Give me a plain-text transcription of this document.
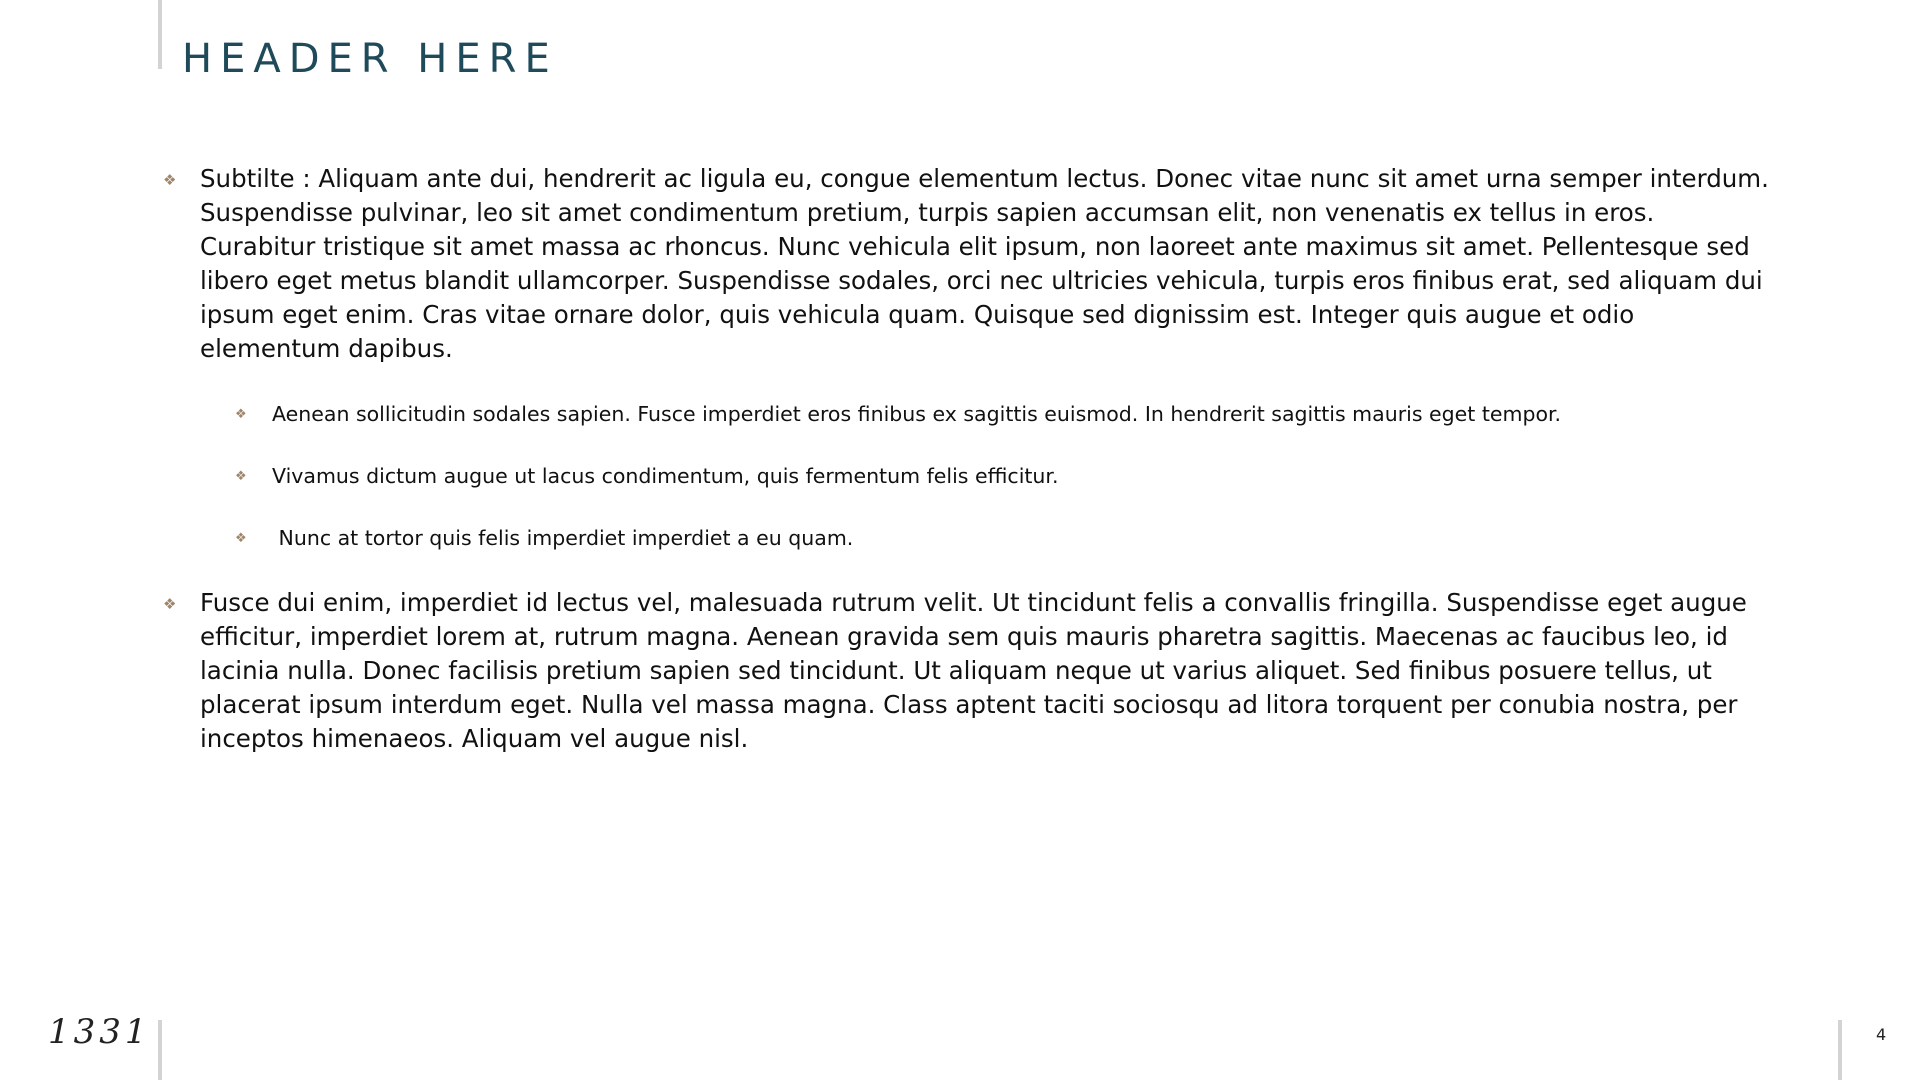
HEADER HERE
❖ Subtilte : Aliquam ante dui, hendrerit ac ligula eu, congue elementum lectus. Donec vitae nunc sit amet urna semper interdum. Suspendisse pulvinar, leo sit amet condimentum pretium, turpis sapien accumsan elit, non venenatis ex tellus in eros. Curabitur tristique sit amet massa ac rhoncus. Nunc vehicula elit ipsum, non laoreet ante maximus sit amet. Pellentesque sed libero eget metus blandit ullamcorper. Suspendisse sodales, orci nec ultricies vehicula, turpis eros finibus erat, sed aliquam dui ipsum eget enim. Cras vitae ornare dolor, quis vehicula quam. Quisque sed dignissim est. Integer quis augue et odio elementum dapibus.
❖ Aenean sollicitudin sodales sapien. Fusce imperdiet eros finibus ex sagittis euismod. In hendrerit sagittis mauris eget tempor.
❖ Vivamus dictum augue ut lacus condimentum, quis fermentum felis efficitur.
❖ Nunc at tortor quis felis imperdiet imperdiet a eu quam.
❖ Fusce dui enim, imperdiet id lectus vel, malesuada rutrum velit. Ut tincidunt felis a convallis fringilla. Suspendisse eget augue efficitur, imperdiet lorem at, rutrum magna. Aenean gravida sem quis mauris pharetra sagittis. Maecenas ac faucibus leo, id lacinia nulla. Donec facilisis pretium sapien sed tincidunt. Ut aliquam neque ut varius aliquet. Sed finibus posuere tellus, ut placerat ipsum interdum eget. Nulla vel massa magna. Class aptent taciti sociosqu ad litora torquent per conubia nostra, per inceptos himenaeos. Aliquam vel augue nisl.
1331	4
